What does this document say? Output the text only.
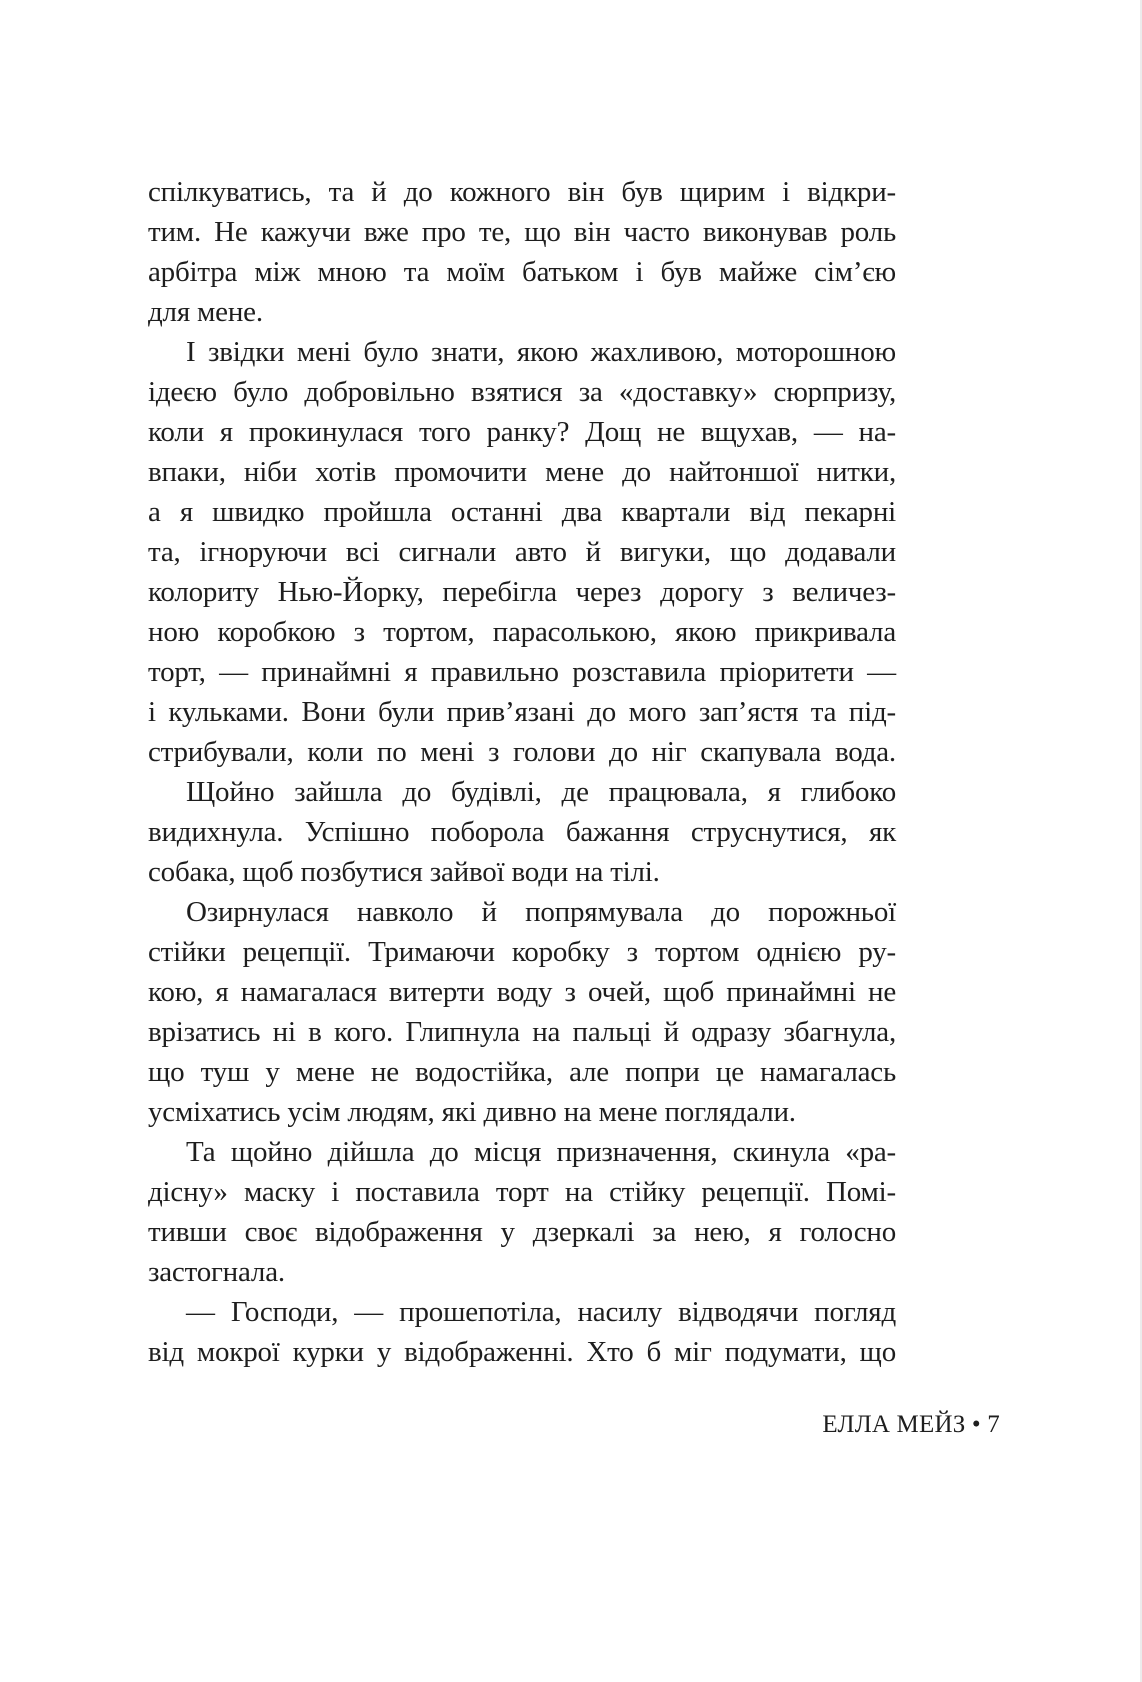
спілкуватись, та й до кожного він був щирим і відкри-
тим. Не кажучи вже про те, що він часто виконував роль
арбітра між мною та моїм батьком і був майже сім’єю
для мене.
І звідки мені було знати, якою жахливою, моторошною
ідеєю було добровільно взятися за «доставку» сюрпризу,
коли я прокинулася того ранку? Дощ не вщухав, — на-
впаки, ніби хотів промочити мене до найтоншої нитки,
а я швидко пройшла останні два квартали від пекарні
та, ігноруючи всі сигнали авто й вигуки, що додавали
колориту Нью-Йорку, перебігла через дорогу з величез-
ною коробкою з тортом, парасолькою, якою прикривала
торт, — принаймні я правильно розставила пріоритети —
і кульками. Вони були прив’язані до мого зап’ястя та під-
стрибували, коли по мені з голови до ніг скапувала вода.
Щойно зайшла до будівлі, де працювала, я глибоко
видихнула. Успішно поборола бажання струснутися, як
собака, щоб позбутися зайвої води на тілі.
Озирнулася навколо й попрямувала до порожньої
стійки рецепції. Тримаючи коробку з тортом однією ру-
кою, я намагалася витерти воду з очей, щоб принаймні не
врізатись ні в кого. Глипнула на пальці й одразу збагнула,
що туш у мене не водостійка, але попри це намагалась
усміхатись усім людям, які дивно на мене поглядали.
Та щойно дійшла до місця призначення, скинула «ра-
дісну» маску і поставила торт на стійку рецепції. Помі-
тивши своє відображення у дзеркалі за нею, я голосно
застогнала.
— Господи, — прошепотіла, насилу відводячи погляд
від мокрої курки у відображенні. Хто б міг подумати, що
ЕЛЛА МЕЙЗ • 7
